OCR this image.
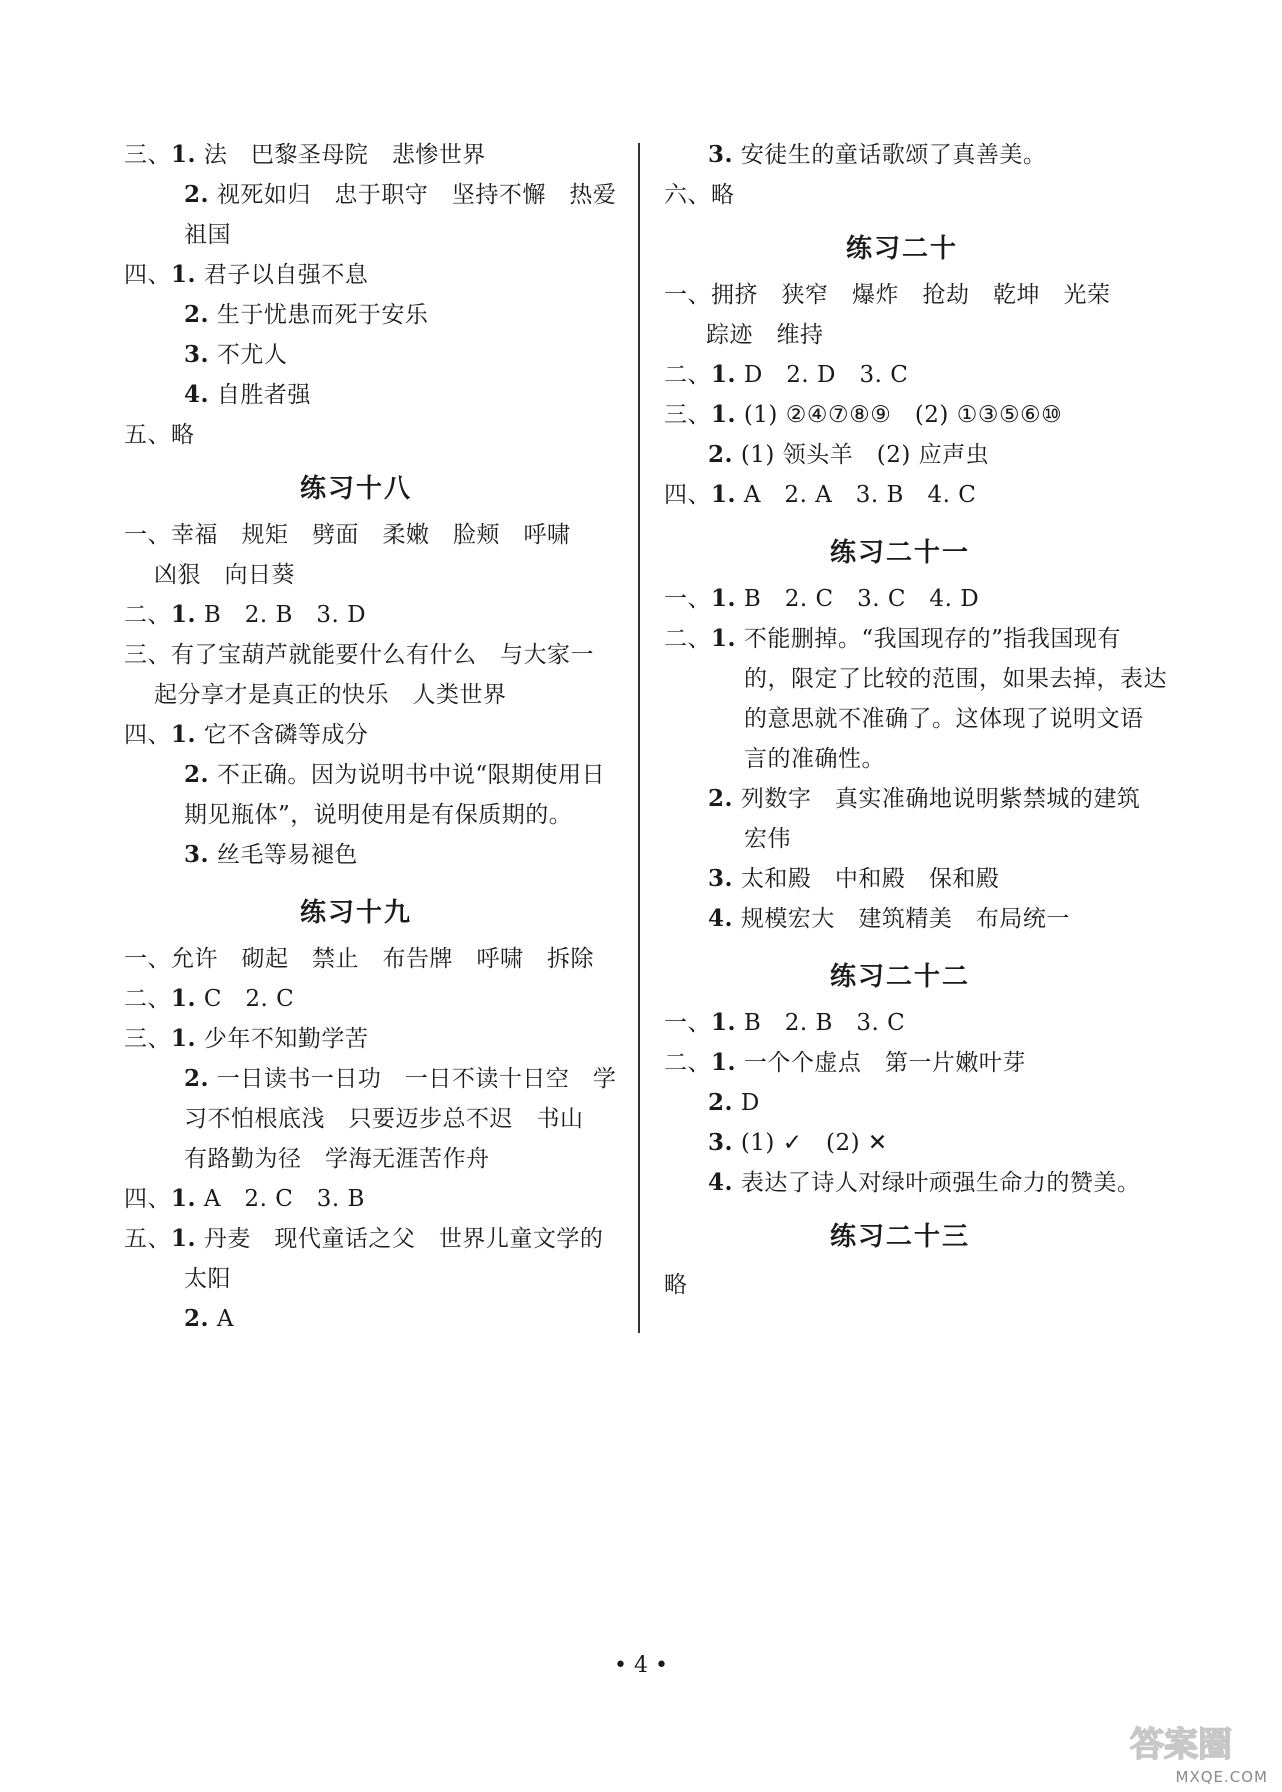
• 4 •
答案圈
MXQE.COM
三、1. 法　巴黎圣母院　悲惨世界
2. 视死如归　忠于职守　坚持不懈　热爱
祖国
四、1. 君子以自强不息
2. 生于忧患而死于安乐
3. 不尤人
4. 自胜者强
五、略
一、幸福　规矩　劈面　柔嫩　脸颊　呼啸
凶狠　向日葵
二、1. B　2. B　3. D
三、有了宝葫芦就能要什么有什么　与大家一
起分享才是真正的快乐　人类世界
四、1. 它不含磷等成分
2. 不正确。因为说明书中说“限期使用日
期见瓶体”，说明使用是有保质期的。
3. 丝毛等易褪色
一、允许　砌起　禁止　布告牌　呼啸　拆除
二、1. C　2. C
三、1. 少年不知勤学苦
2. 一日读书一日功　一日不读十日空　学
习不怕根底浅　只要迈步总不迟　书山
有路勤为径　学海无涯苦作舟
四、1. A　2. C　3. B
五、1. 丹麦　现代童话之父　世界儿童文学的
太阳
2. A
练习十八
练习十九
3. 安徒生的童话歌颂了真善美。
六、略
一、拥挤　狭窄　爆炸　抢劫　乾坤　光荣
踪迹　维持
二、1. D　2. D　3. C
三、1. (1) ②④⑦⑧⑨　(2) ①③⑤⑥⑩
2. (1) 领头羊　(2) 应声虫
四、1. A　2. A　3. B　4. C
一、1. B　2. C　3. C　4. D
二、1. 不能删掉。“我国现存的”指我国现有
的，限定了比较的范围，如果去掉，表达
的意思就不准确了。这体现了说明文语
言的准确性。
2. 列数字　真实准确地说明紫禁城的建筑
宏伟
3. 太和殿　中和殿　保和殿
4. 规模宏大　建筑精美　布局统一
一、1. B　2. B　3. C
二、1. 一个个虚点　第一片嫩叶芽
2. D
3. (1) ✓　(2) ✕
4. 表达了诗人对绿叶顽强生命力的赞美。
略
练习二十
练习二十一
练习二十二
练习二十三
